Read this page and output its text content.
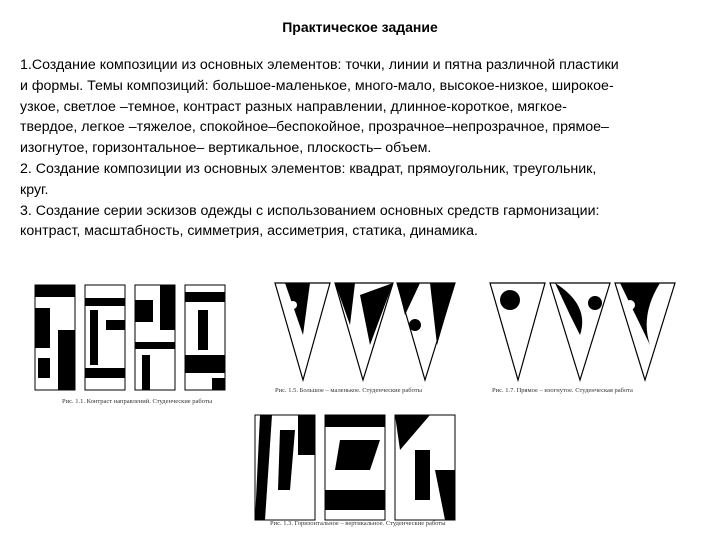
Практическое задание

1.Создание композиции из основных элементов: точки, линии и пятна различной пластики

и формы. Темы композиций: большое-маленькое, много-мало, высокое-низкое, широкое-

узкое, светлое –темное, контраст разных направлении, длинное-короткое, мягкое-

твердое, легкое –тяжелое, спокойное–беспокойное, прозрачное–непрозрачное, прямое–

изогнутое, горизонтальное– вертикальное, плоскость– объем.

2. Создание композиции из основных элементов: квадрат, прямоугольник, треугольник,

круг.

3. Создание серии эскизов одежды с использованием основных средств гармонизации:

контраст, масштабность, симметрия, ассиметрия, статика, динамика.

Рис. 1.1. Контраст направлений. Студенческие работы
Рис. 1.5. Большое – маленькое. Студенческие работы	Рис. 1.7. Прямое – изогнутое. Студенческая работа
Рис. 1.3. Горизонтальное – вертикальное. Студенческие работы
